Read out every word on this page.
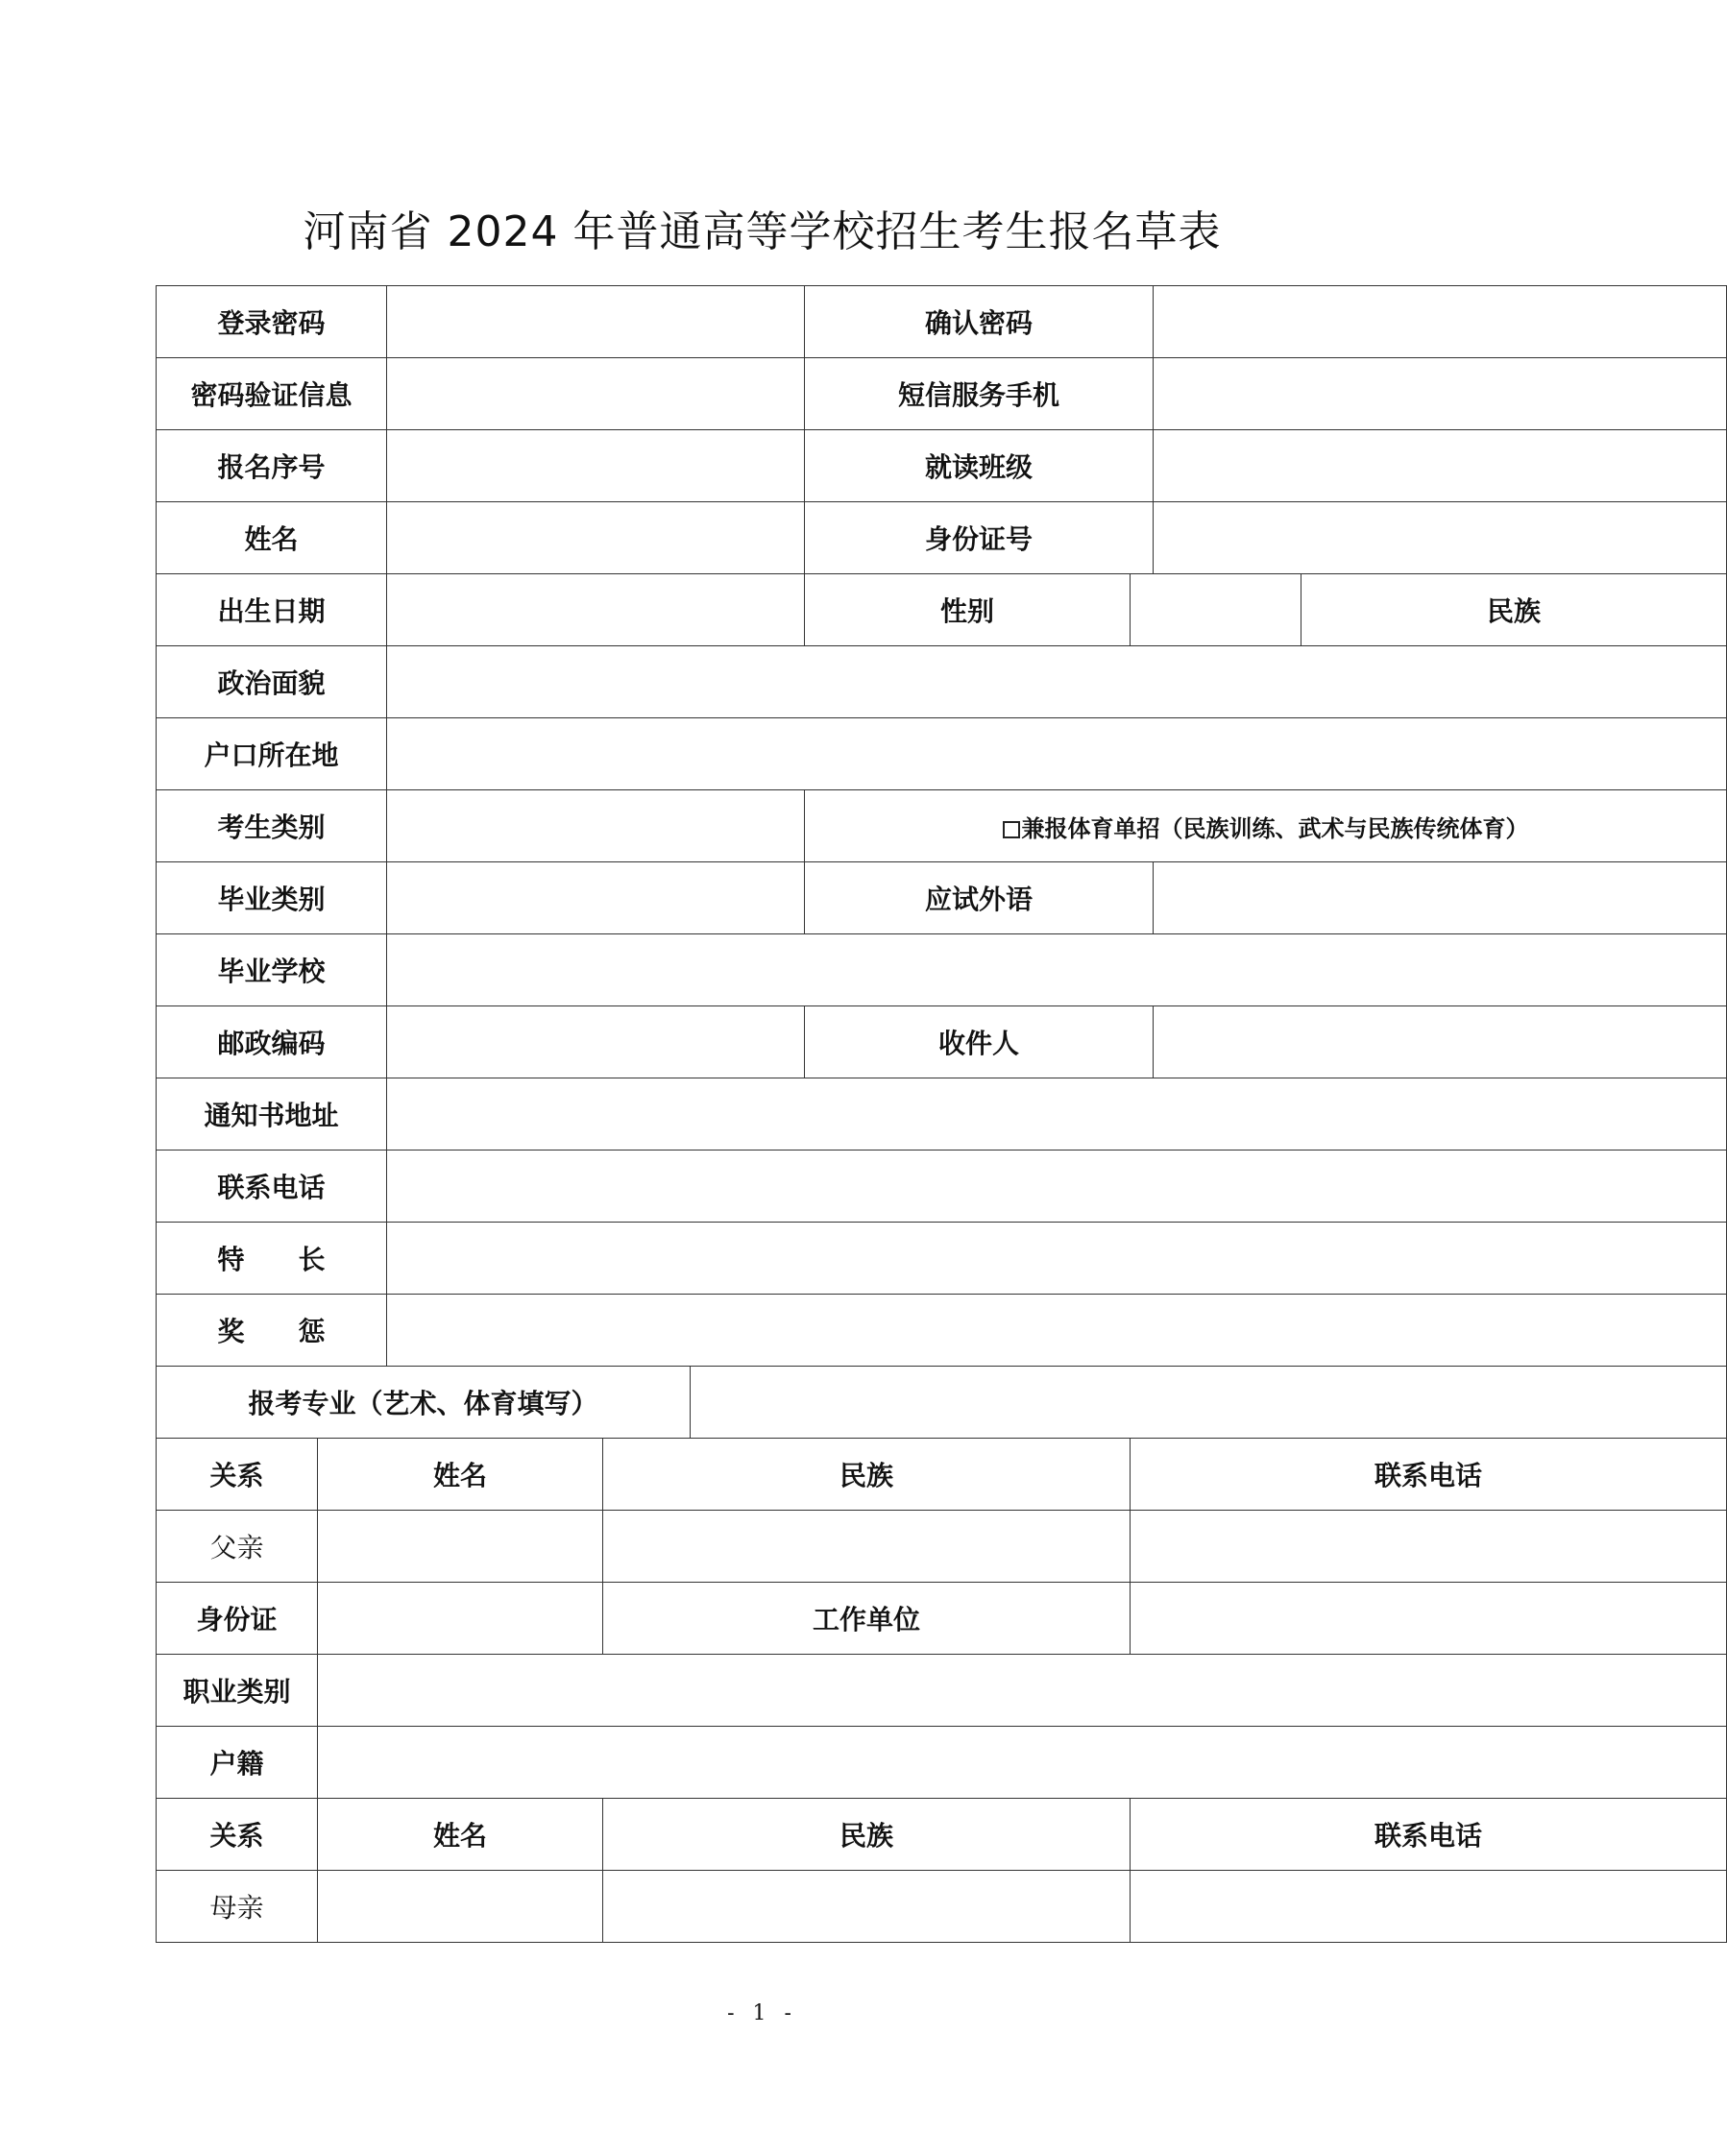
河南省 2024 年普通高等学校招生考生报名草表
登录密码					确认密码				
密码验证信息					短信服务手机				
报名序号					就读班级				
姓名					身份证号				
出生日期					性别			民族	
政治面貌									
户口所在地									
考生类别					兼报体育单招（民族训练、武术与民族传统体育）				
毕业类别					应试外语				
毕业学校									
邮政编码					收件人				
通知书地址									
联系电话									
特　　长									
奖　　惩									
报考专业（艺术、体育填写）									
关系	姓名		民族			联系电话			
父亲									
身份证			工作单位						
职业类别									
户籍									
关系	姓名		民族			联系电话			
母亲									
- 1 -
